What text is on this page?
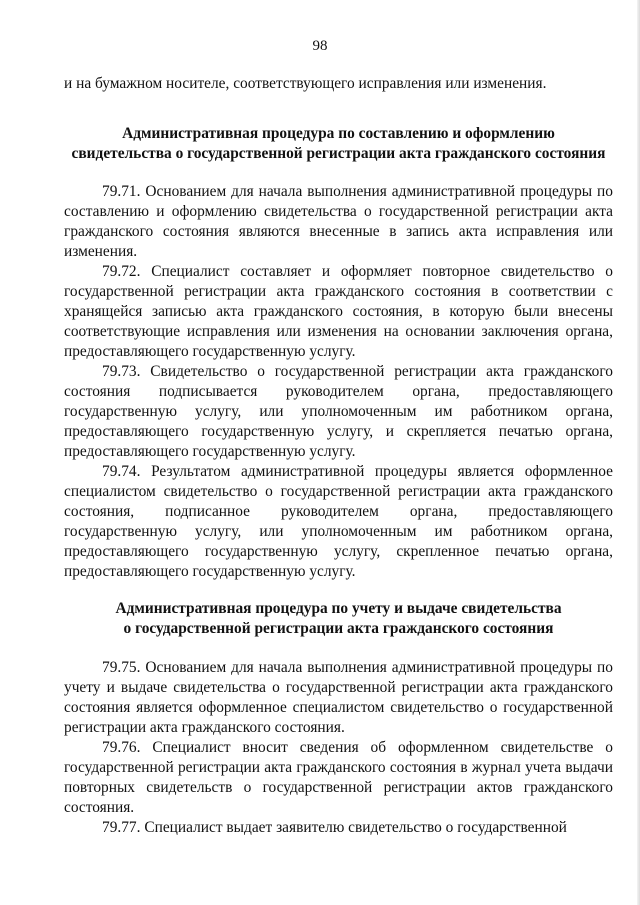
98

и на бумажном носителе, соответствующего исправления или изменения.

Административная процедура по составлению и оформлению
свидетельства о государственной регистрации акта гражданского состояния

79.71. Основанием для начала выполнения административной процедуры по составлению и оформлению свидетельства о государственной регистрации акта гражданского состояния являются внесенные в запись акта исправления или изменения.

79.72. Специалист составляет и оформляет повторное свидетельство о государственной регистрации акта гражданского состояния в соответствии с хранящейся записью акта гражданского состояния, в которую были внесены соответствующие исправления или изменения на основании заключения органа, предоставляющего государственную услугу.

79.73. Свидетельство о государственной регистрации акта гражданского состояния подписывается руководителем органа, предоставляющего государственную услугу, или уполномоченным им работником органа, предоставляющего государственную услугу, и скрепляется печатью органа, предоставляющего государственную услугу.

79.74. Результатом административной процедуры является оформленное специалистом свидетельство о государственной регистрации акта гражданского состояния, подписанное руководителем органа, предоставляющего государственную услугу, или уполномоченным им работником органа, предоставляющего государственную услугу, скрепленное печатью органа, предоставляющего государственную услугу.

Административная процедура по учету и выдаче свидетельства
о государственной регистрации акта гражданского состояния

79.75. Основанием для начала выполнения административной процедуры по учету и выдаче свидетельства о государственной регистрации акта гражданского состояния является оформленное специалистом свидетельство о государственной регистрации акта гражданского состояния.

79.76. Специалист вносит сведения об оформленном свидетельстве о государственной регистрации акта гражданского состояния в журнал учета выдачи повторных свидетельств о государственной регистрации актов гражданского состояния.

79.77. Специалист выдает заявителю свидетельство о государственной
